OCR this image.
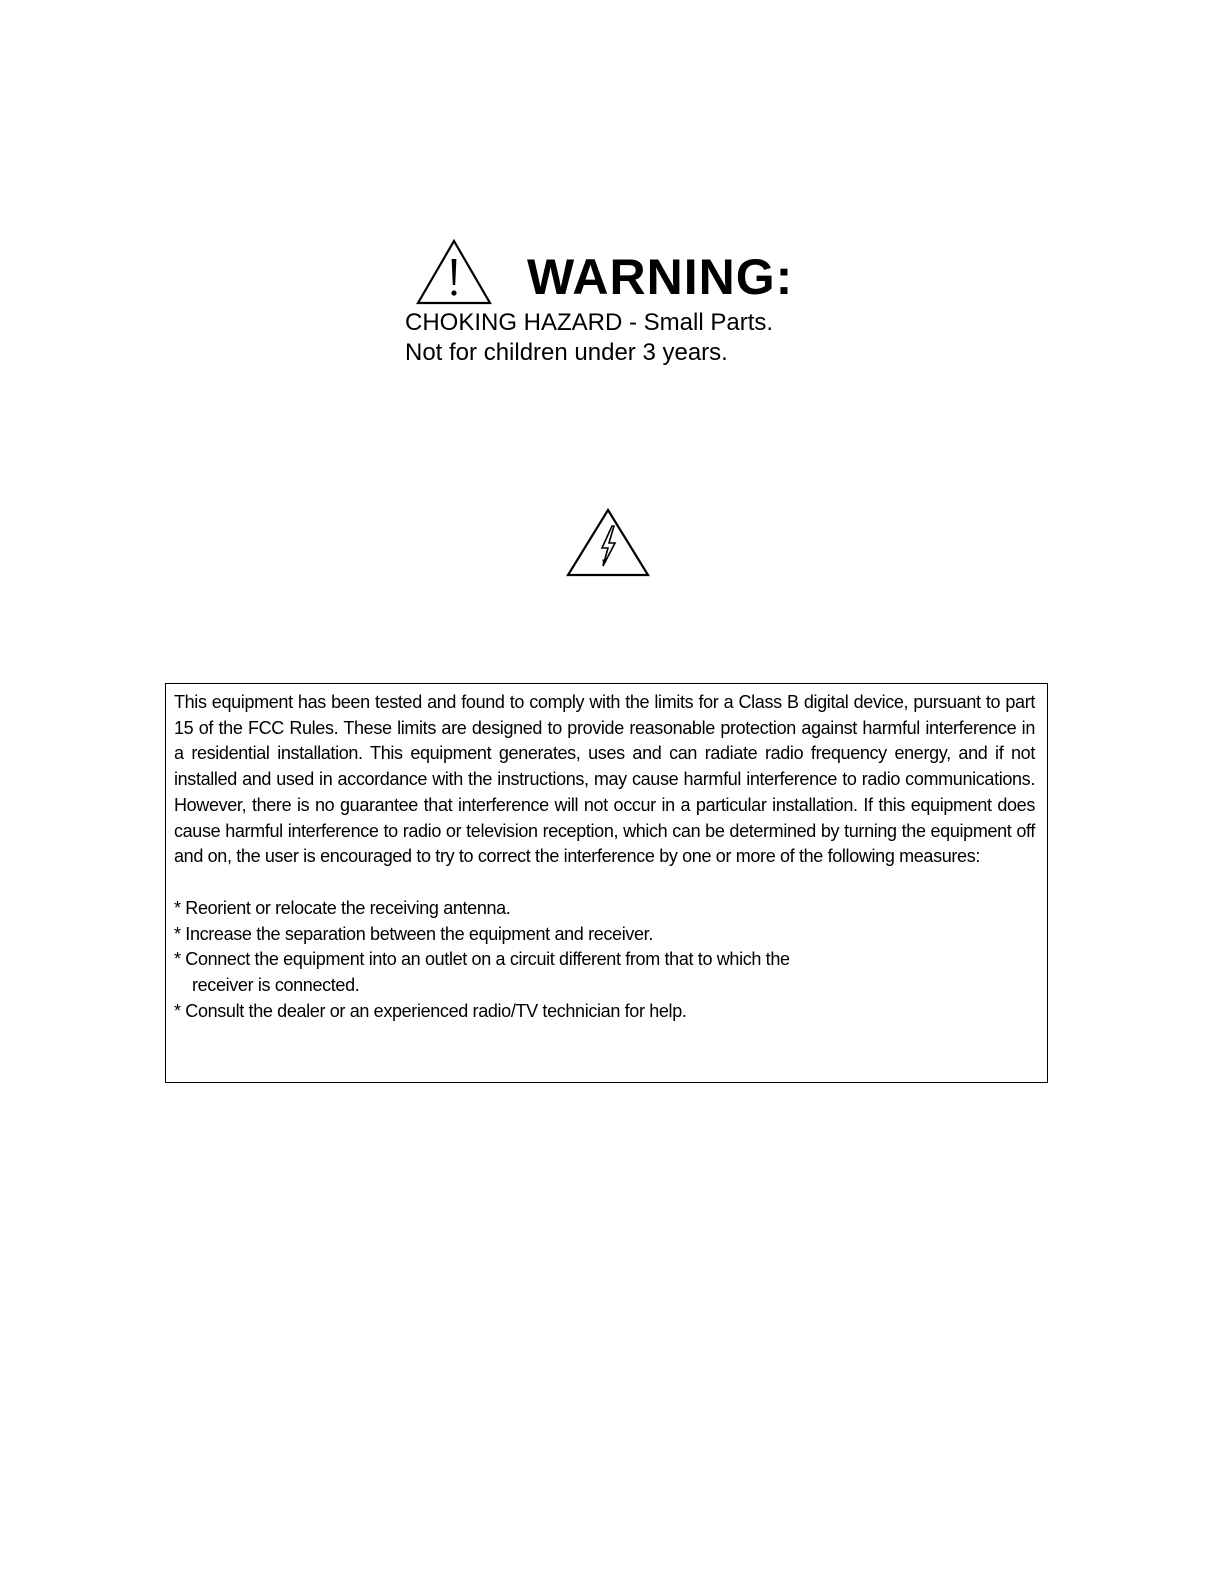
WARNING:
CHOKING HAZARD - Small Parts.
Not for children under 3 years.

This equipment has been tested and found to comply with the limits for a Class B digital device, pursuant to part 15 of the FCC Rules. These limits are designed to provide reasonable protection against harmful interference in a residential installation. This equipment generates, uses and can radiate radio frequency energy, and if not installed and used in accordance with the instructions, may cause harmful interference to radio communications. However, there is no guarantee that interference will not occur in a particular installation. If this equipment does cause harmful interference to radio or television reception, which can be determined by turning the equipment off and on, the user is encouraged to try to correct the interference by one or more of the following measures:

* Reorient or relocate the receiving antenna.
* Increase the separation between the equipment and receiver.
* Connect the equipment into an outlet on a circuit different from that to which the receiver is connected.
* Consult the dealer or an experienced radio/TV technician for help.
